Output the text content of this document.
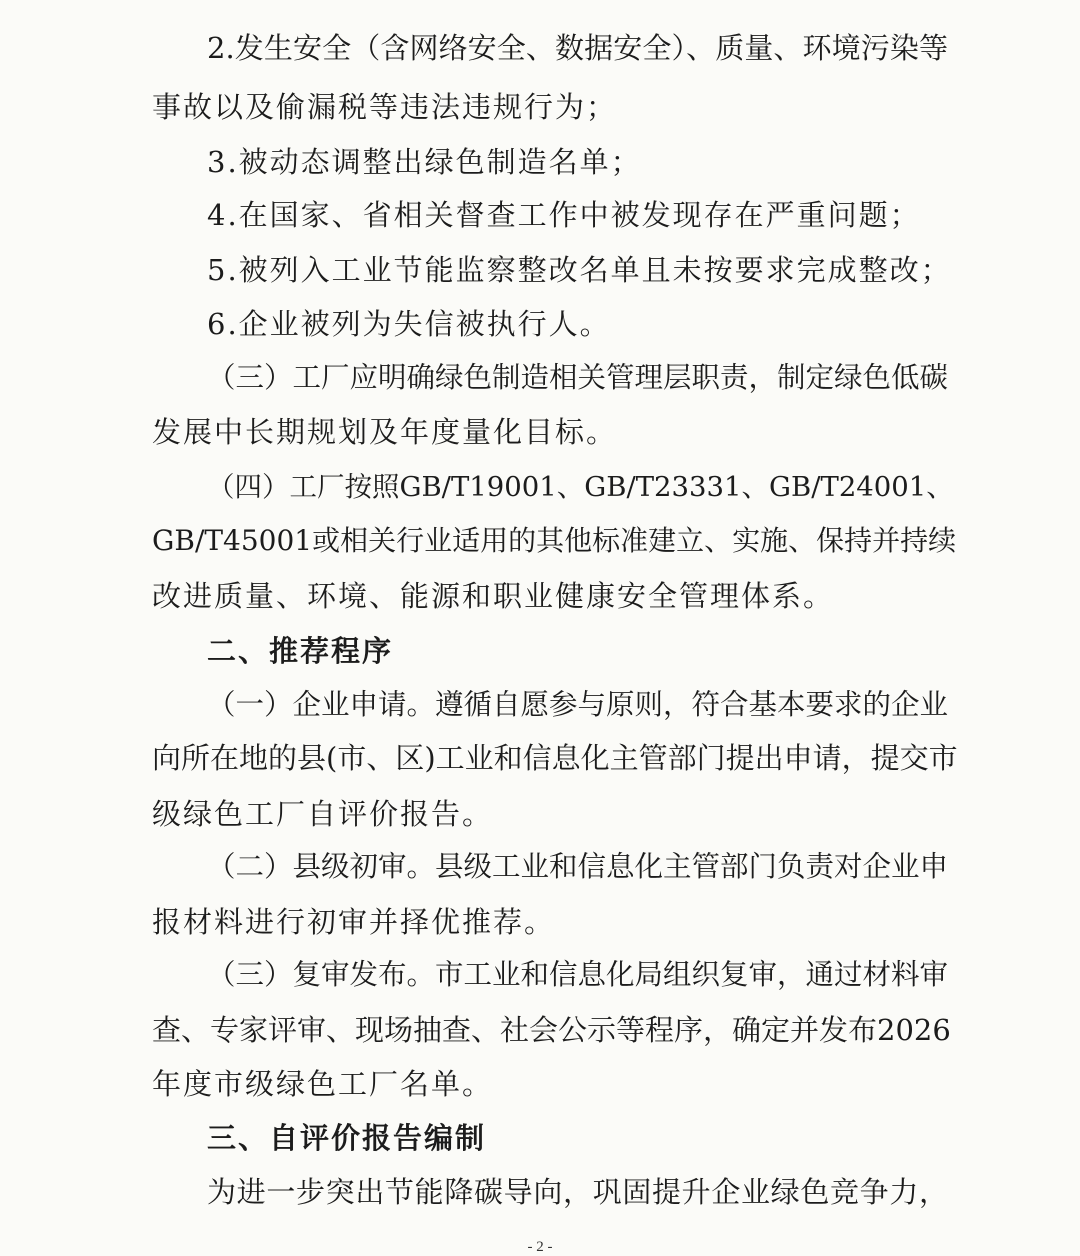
2.发生安全（含网络安全、数据安全）、质量、环境污染等

事故以及偷漏税等违法违规行为；

3.被动态调整出绿色制造名单；

4.在国家、省相关督查工作中被发现存在严重问题；

5.被列入工业节能监察整改名单且未按要求完成整改；

6.企业被列为失信被执行人。

（三）工厂应明确绿色制造相关管理层职责，制定绿色低碳

发展中长期规划及年度量化目标。

（四）工厂按照GB/T19001、GB/T23331、GB/T24001、

GB/T45001或相关行业适用的其他标准建立、实施、保持并持续

改进质量、环境、能源和职业健康安全管理体系。

二、推荐程序

（一）企业申请。遵循自愿参与原则，符合基本要求的企业

向所在地的县(市、区)工业和信息化主管部门提出申请，提交市

级绿色工厂自评价报告。

（二）县级初审。县级工业和信息化主管部门负责对企业申

报材料进行初审并择优推荐。

（三）复审发布。市工业和信息化局组织复审，通过材料审

查、专家评审、现场抽查、社会公示等程序，确定并发布2026

年度市级绿色工厂名单。

三、自评价报告编制

为进一步突出节能降碳导向，巩固提升企业绿色竞争力，

- 2 -
